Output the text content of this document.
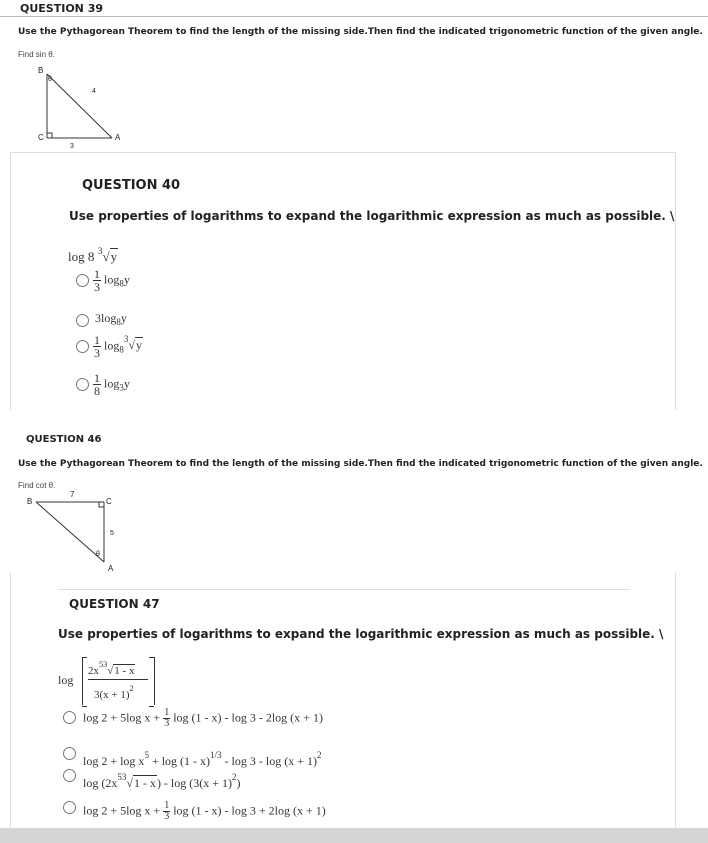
QUESTION 39
Use the Pythagorean Theorem to find the length of the missing side.Then find the indicated trigonometric function of the given angle.
Find sin θ.
B
θ
4
C	A
3
QUESTION 40
Use properties of logarithms to expand the logarithmic expression as much as possible. \
log 8 $^3$√y
$\frac{1}{3} \log_8y$
$3\log_8y$
$\frac{1}{3} \log_8^3√y$
$\frac{1}{8} \log_3y$
QUESTION 46
Use the Pythagorean Theorem to find the length of the missing side.Then find the indicated trigonometric function of the given angle.
Find cot θ.
B
7
C
5
θ
A
QUESTION 47
Use properties of logarithms to expand the logarithmic expression as much as possible. \
log
$2x^{53}√1$ - x
$3(x + 1)^2$
log 2 + 5log $x + \frac{1}{3}$ log (1 - x) - log 3 - 2log (x + 1)
$\log 2 + \log x^5 + \log (1 - x)^{1/3} - \log 3 - \log (x + 1)^2$
$\log (2x^{53}√1 - x) - \log (3(x + 1)^2)$
log 2 + 5log $x + \frac{1}{3}$ log (1 - x) - log 3 + 2log (x + 1)
